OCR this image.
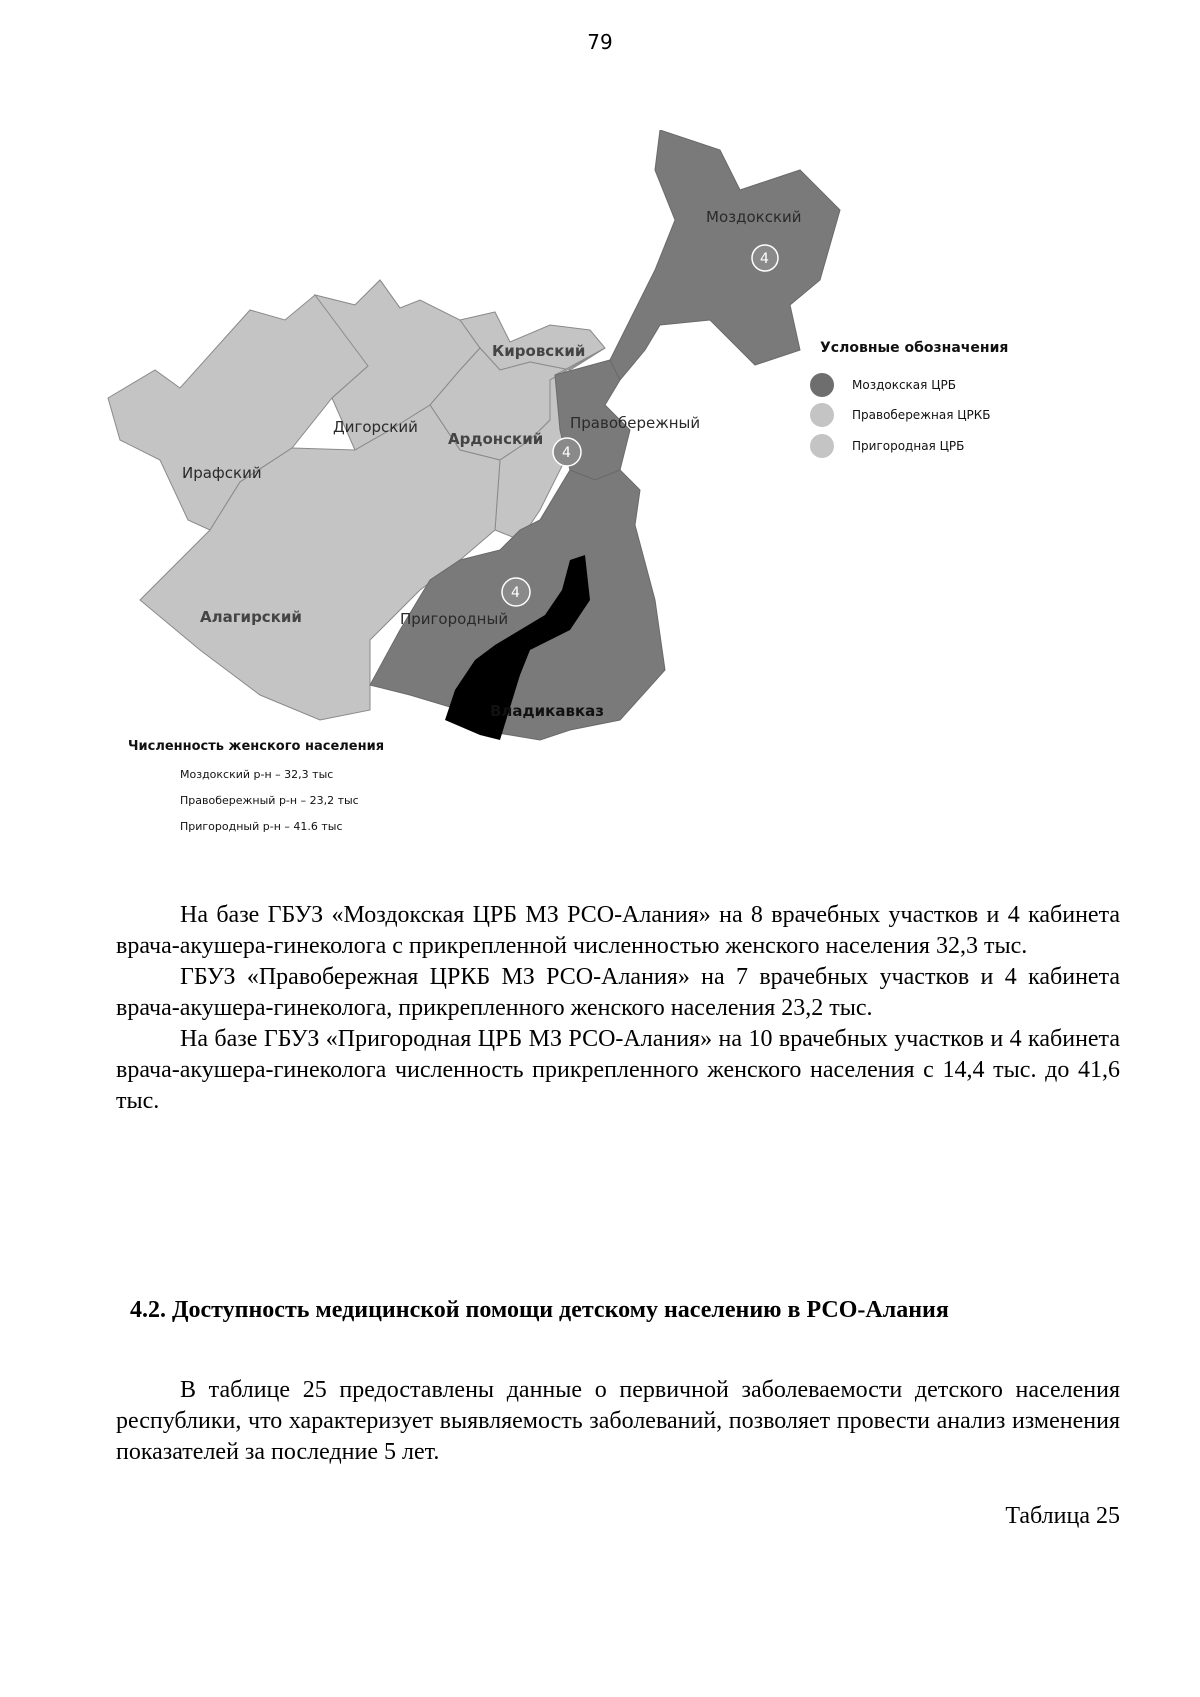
79
Моздокский
Кировский
Правобережный
Дигорский
Ардонский
Ирафский
Алагирский	Пригородный
Владикавказ
4
4
4
Условные обозначения
Моздокская ЦРБ
Правобережная ЦРКБ
Пригородная ЦРБ
Численность женского населения
Моздокский р-н – 32,3 тыс
Правобережный р-н – 23,2 тыс
Пригородный р-н – 41.6 тыс

На базе ГБУЗ «Моздокская ЦРБ МЗ РСО-Алания» на 8 врачебных участков и 4 кабинета врача-акушера-гинеколога с прикрепленной численностью женского населения 32,3 тыс.

ГБУЗ «Правобережная ЦРКБ МЗ РСО-Алания» на 7 врачебных участков и 4 кабинета врача-акушера-гинеколога, прикрепленного женского населения 23,2 тыс.

На базе ГБУЗ «Пригородная ЦРБ МЗ РСО-Алания» на 10 врачебных участков и 4 кабинета врача-акушера-гинеколога численность прикрепленного женского населения с 14,4 тыс. до 41,6 тыс.

4.2. Доступность медицинской помощи детскому населению в РСО-Алания

В таблице 25 предоставлены данные о первичной заболеваемости детского населения республики, что характеризует выявляемость заболеваний, позволяет провести анализ изменения показателей за последние 5 лет.

Таблица 25
